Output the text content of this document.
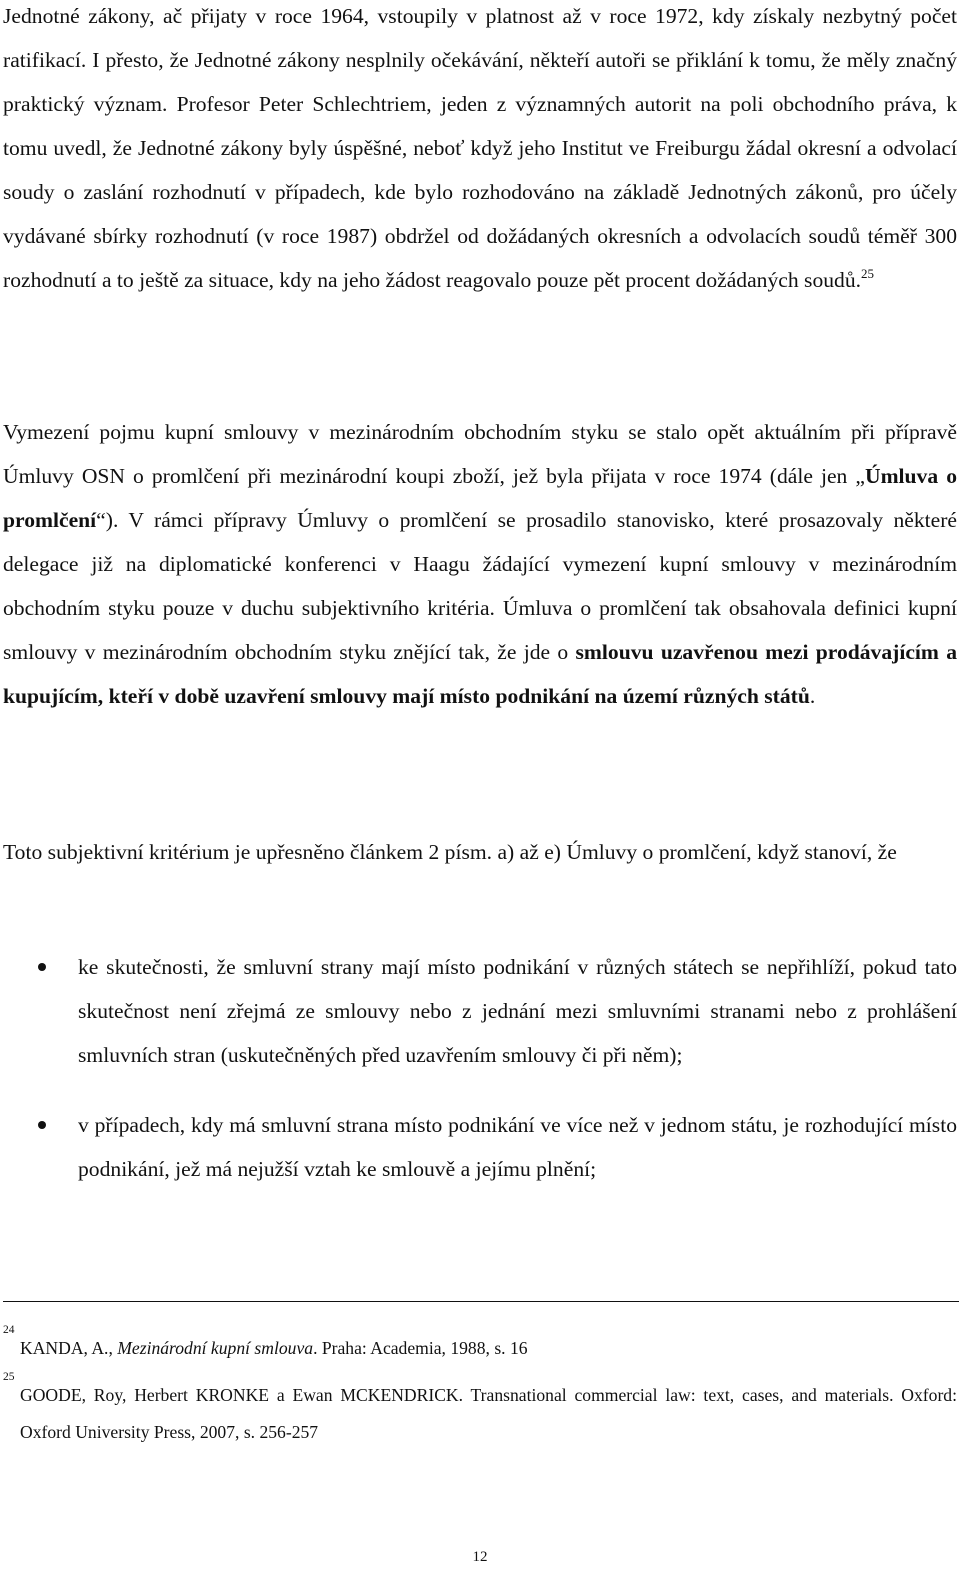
Jednotné zákony, ač přijaty v roce 1964, vstoupily v platnost až v roce 1972, kdy získaly nezbytný počet ratifikací. I přesto, že Jednotné zákony nesplnily očekávání, někteří autoři se přiklání k tomu, že měly značný praktický význam. Profesor Peter Schlechtriem, jeden z významných autorit na poli obchodního práva, k tomu uvedl, že Jednotné zákony byly úspěšné, neboť když jeho Institut ve Freiburgu žádal okresní a odvolací soudy o zaslání rozhodnutí v případech, kde bylo rozhodováno na základě Jednotných zákonů, pro účely vydávané sbírky rozhodnutí (v roce 1987) obdržel od dožádaných okresních a odvolacích soudů téměř 300 rozhodnutí a to ještě za situace, kdy na jeho žádost reagovalo pouze pět procent dožádaných soudů.$^{25}$

Vymezení pojmu kupní smlouvy v mezinárodním obchodním styku se stalo opět aktuálním při přípravě Úmluvy OSN o promlčení při mezinárodní koupi zboží, jež byla přijata v roce 1974 (dále jen „Úmluva o promlčení“). V rámci přípravy Úmluvy o promlčení se prosadilo stanovisko, které prosazovaly některé delegace již na diplomatické konferenci v Haagu žádající vymezení kupní smlouvy v mezinárodním obchodním styku pouze v duchu subjektivního kritéria. Úmluva o promlčení tak obsahovala definici kupní smlouvy v mezinárodním obchodním styku znějící tak, že jde o smlouvu uzavřenou mezi prodávajícím a kupujícím, kteří v době uzavření smlouvy mají místo podnikání na území různých států.

Toto subjektivní kritérium je upřesněno článkem 2 písm. a) až e) Úmluvy o promlčení, když stanoví, že

ke skutečnosti, že smluvní strany mají místo podnikání v různých státech se nepřihlíží, pokud tato skutečnost není zřejmá ze smlouvy nebo z jednání mezi smluvními stranami nebo z prohlášení smluvních stran (uskutečněných před uzavřením smlouvy či při něm);
v případech, kdy má smluvní strana místo podnikání ve více než v jednom státu, je rozhodující místo podnikání, jež má nejužší vztah ke smlouvě a jejímu plnění;
24
KANDA, A., Mezinárodní kupní smlouva. Praha: Academia, 1988, s. 16
25
GOODE, Roy, Herbert KRONKE a Ewan MCKENDRICK. Transnational commercial law: text, cases, and materials. Oxford: Oxford University Press, 2007, s. 256-257
12
